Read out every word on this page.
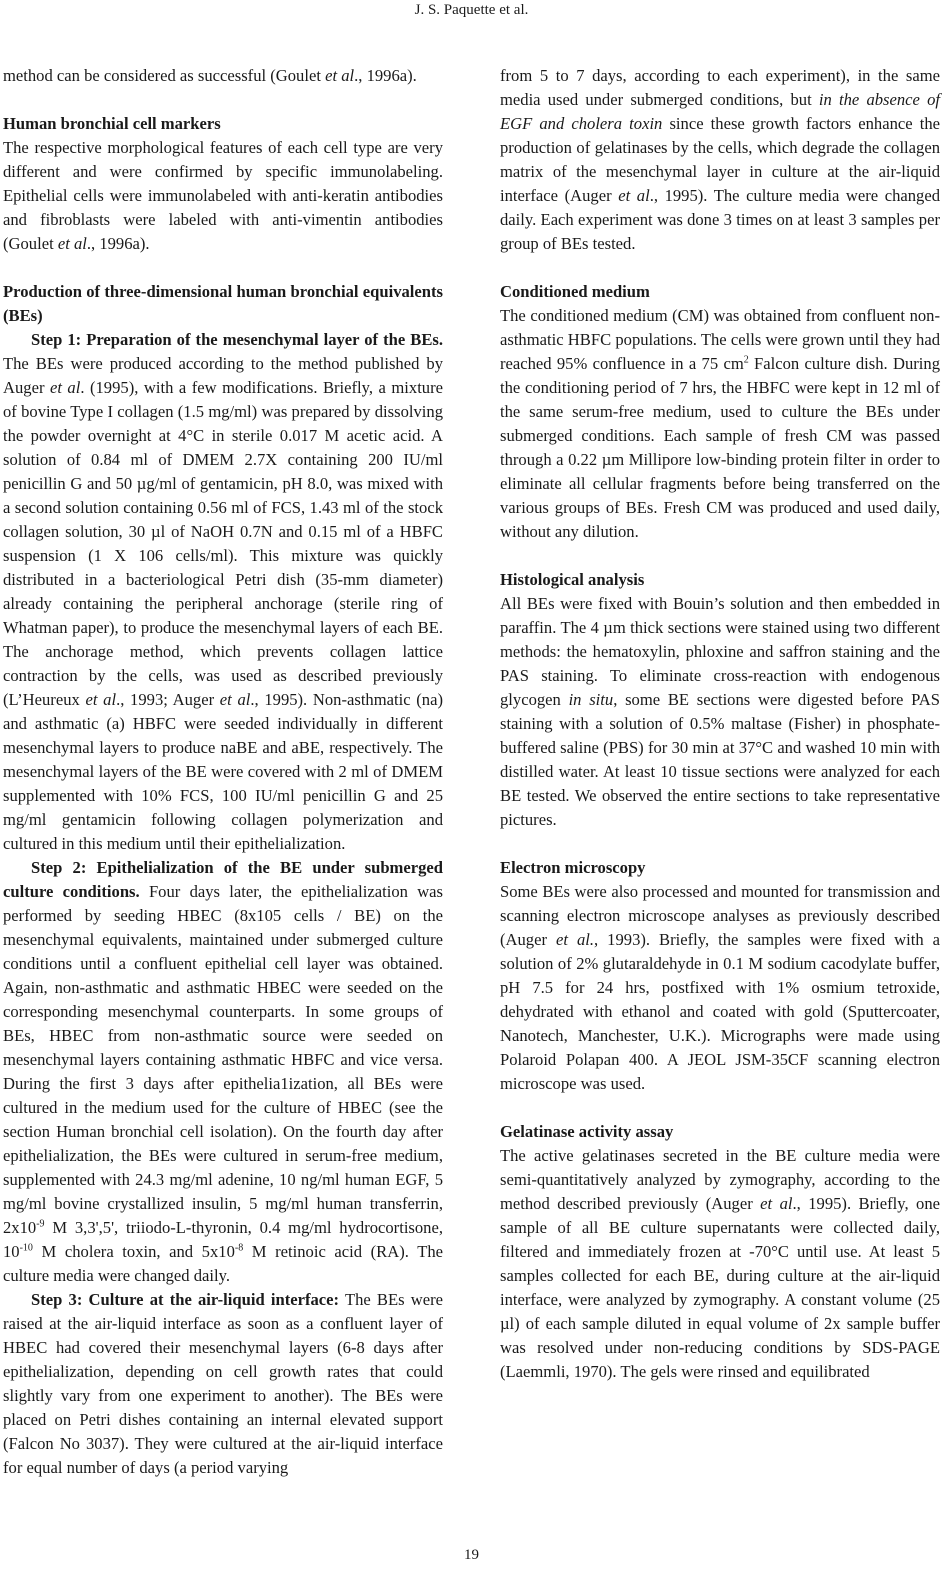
J. S. Paquette et al.

method can be considered as successful (Goulet et al., 1996a).

Human bronchial cell markers

The respective morphological features of each cell type are very different and were confirmed by specific immunolabeling. Epithelial cells were immunolabeled with anti-keratin antibodies and fibroblasts were labeled with anti-vimentin antibodies (Goulet et al., 1996a).

Production of three-dimensional human bronchial equivalents (BEs)

Step 1: Preparation of the mesenchymal layer of the BEs. The BEs were produced according to the method published by Auger et al. (1995), with a few modifications. Briefly, a mixture of bovine Type I collagen (1.5 mg/ml) was prepared by dissolving the powder overnight at 4°C in sterile 0.017 M acetic acid. A solution of 0.84 ml of DMEM 2.7X containing 200 IU/ml penicillin G and 50 µg/ml of gentamicin, pH 8.0, was mixed with a second solution containing 0.56 ml of FCS, 1.43 ml of the stock collagen solution, 30 µl of NaOH 0.7N and 0.15 ml of a HBFC suspension (1 X 106 cells/ml). This mixture was quickly distributed in a bacteriological Petri dish (35-mm diameter) already containing the peripheral anchorage (sterile ring of Whatman paper), to produce the mesenchymal layers of each BE. The anchorage method, which prevents collagen lattice contraction by the cells, was used as described previously (L’Heureux et al., 1993; Auger et al., 1995). Non-asthmatic (na) and asthmatic (a) HBFC were seeded individually in different mesenchymal layers to produce naBE and aBE, respectively. The mesenchymal layers of the BE were covered with 2 ml of DMEM supplemented with 10% FCS, 100 IU/ml penicillin G and 25 mg/ml gentamicin following collagen polymerization and cultured in this medium until their epithelialization.

Step 2: Epithelialization of the BE under submerged culture conditions. Four days later, the epithelialization was performed by seeding HBEC (8x105 cells / BE) on the mesenchymal equivalents, maintained under submerged culture conditions until a confluent epithelial cell layer was obtained. Again, non-asthmatic and asthmatic HBEC were seeded on the corresponding mesenchymal counterparts. In some groups of BEs, HBEC from non-asthmatic source were seeded on mesenchymal layers containing asthmatic HBFC and vice versa. During the first 3 days after epithelia1ization, all BEs were cultured in the medium used for the culture of HBEC (see the section Human bronchial cell isolation). On the fourth day after epithelialization, the BEs were cultured in serum-free medium, supplemented with 24.3 mg/ml adenine, 10 ng/ml human EGF, 5 mg/ml bovine crystallized insulin, 5 mg/ml human transferrin, $2x10^{-9}$ M 3,3',5', triiodo-L-thyronin, 0.4 mg/ml hydrocortisone, $10^{-10}$ M cholera toxin, and $5x10^{-8}$ M retinoic acid (RA). The culture media were changed daily.

Step 3: Culture at the air-liquid interface: The BEs were raised at the air-liquid interface as soon as a confluent layer of HBEC had covered their mesenchymal layers (6-8 days after epithelialization, depending on cell growth rates that could slightly vary from one experiment to another). The BEs were placed on Petri dishes containing an internal elevated support (Falcon No 3037). They were cultured at the air-liquid interface for equal number of days (a period varying

from 5 to 7 days, according to each experiment), in the same media used under submerged conditions, but in the absence of EGF and cholera toxin since these growth factors enhance the production of gelatinases by the cells, which degrade the collagen matrix of the mesenchymal layer in culture at the air-liquid interface (Auger et al., 1995). The culture media were changed daily. Each experiment was done 3 times on at least 3 samples per group of BEs tested.

Conditioned medium

The conditioned medium (CM) was obtained from confluent non-asthmatic HBFC populations. The cells were grown until they had reached 95% confluence in a 75 $cm^2$ Falcon culture dish. During the conditioning period of 7 hrs, the HBFC were kept in 12 ml of the same serum-free medium, used to culture the BEs under submerged conditions. Each sample of fresh CM was passed through a 0.22 µm Millipore low-binding protein filter in order to eliminate all cellular fragments before being transferred on the various groups of BEs. Fresh CM was produced and used daily, without any dilution.

Histological analysis

All BEs were fixed with Bouin’s solution and then embedded in paraffin. The 4 µm thick sections were stained using two different methods: the hematoxylin, phloxine and saffron staining and the PAS staining. To eliminate cross-reaction with endogenous glycogen in situ, some BE sections were digested before PAS staining with a solution of 0.5% maltase (Fisher) in phosphate-buffered saline (PBS) for 30 min at 37°C and washed 10 min with distilled water. At least 10 tissue sections were analyzed for each BE tested. We observed the entire sections to take representative pictures.

Electron microscopy

Some BEs were also processed and mounted for transmission and scanning electron microscope analyses as previously described (Auger et al., 1993). Briefly, the samples were fixed with a solution of 2% glutaraldehyde in 0.1 M sodium cacodylate buffer, pH 7.5 for 24 hrs, postfixed with 1% osmium tetroxide, dehydrated with ethanol and coated with gold (Sputtercoater, Nanotech, Manchester, U.K.). Micrographs were made using Polaroid Polapan 400. A JEOL JSM-35CF scanning electron microscope was used.

Gelatinase activity assay

The active gelatinases secreted in the BE culture media were semi-quantitatively analyzed by zymography, according to the method described previously (Auger et al., 1995). Briefly, one sample of all BE culture supernatants were collected daily, filtered and immediately frozen at -70°C until use. At least 5 samples collected for each BE, during culture at the air-liquid interface, were analyzed by zymography. A constant volume (25 µl) of each sample diluted in equal volume of 2x sample buffer was resolved under non-reducing conditions by SDS-PAGE (Laemmli, 1970). The gels were rinsed and equilibrated

19
